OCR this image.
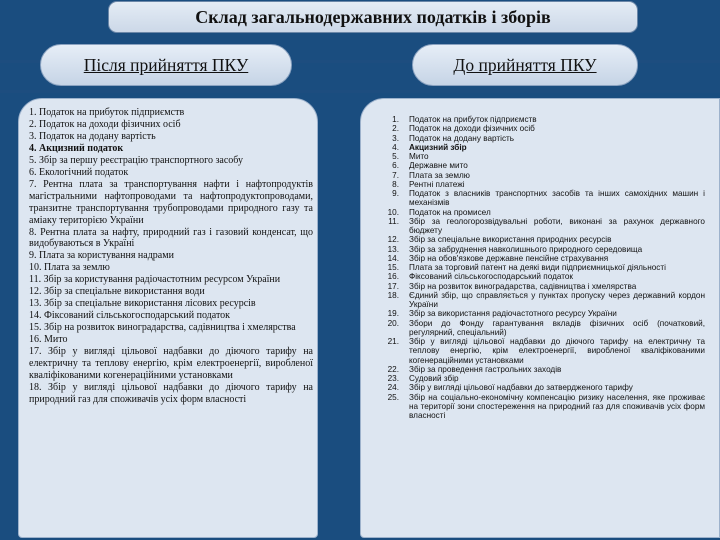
Склад загальнодержавних податків і зборів
Після прийняття ПКУ	До прийняття ПКУ
1. Податок на прибуток підприємств
2. Податок на доходи фізичних осіб
3. Податок на додану вартість
4. Акцизний податок
5. Збір за першу реєстрацію транспортного засобу
6. Екологічний податок
7. Рентна плата за транспортування нафти і нафтопродуктів магістральними нафтопроводами та нафтопродуктопроводами, транзитне транспортування трубопроводами природного газу та аміаку територією України
8. Рентна плата за нафту, природний газ і газовий конденсат, що видобуваються в Україні
9. Плата за користування надрами
10. Плата за землю
11. Збір за користування радіочастотним ресурсом України
12. Збір за спеціальне використання води
13. Збір за спеціальне використання лісових ресурсів
14. Фіксований сільськогосподарський податок
15. Збір на розвиток виноградарства, садівництва і хмелярства
16. Мито
17. Збір у вигляді цільової надбавки до діючого тарифу на електричну та теплову енергію, крім електроенергії, виробленої кваліфікованими когенераційними установками
18. Збір у вигляді цільової надбавки до діючого тарифу на природний газ для споживачів усіх форм власності
1.	Податок на прибуток підприємств
2.	Податок на доходи фізичних осіб
3.	Податок на додану вартість
4.	Акцизний збір
5.	Мито
6.	Державне мито
7.	Плата за землю
8.	Рентні платежі
9.	Податок з власників транспортних засобів та інших самохідних машин і механізмів
10.	Податок на промисел
11.	Збір за геологорозвідувальні роботи, виконані за рахунок державного бюджету
12.	Збір за спеціальне використання природних ресурсів
13.	Збір за забруднення навколишнього природного середовища
14.	Збір на обов'язкове державне пенсійне страхування
15.	Плата за торговий патент на деякі види підприємницької діяльності
16.	Фіксований сільськогосподарський податок
17.	Збір на розвиток виноградарства, садівництва і хмелярства
18.	Єдиний збір, що справляється у пунктах пропуску через державний кордон України
19.	Збір за використання радіочастотного ресурсу України
20.	Збори до Фонду гарантування вкладів фізичних осіб (початковий, регулярний, спеціальний)
21.	Збір у вигляді цільової надбавки до діючого тарифу на електричну та теплову енергію, крім електроенергії, виробленої кваліфікованими когенераційними установками
22.	Збір за проведення гастрольних заходів
23.	Судовий збір
24.	Збір у вигляді цільової надбавки до затвердженого тарифу
25.	Збір на соціально-економічну компенсацію ризику населення, яке проживає на території зони спостереження на природний газ для споживачів усіх форм власності
